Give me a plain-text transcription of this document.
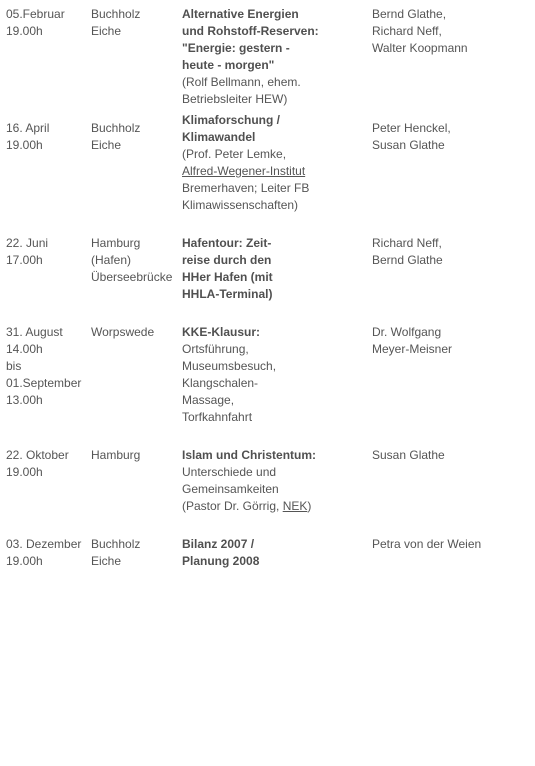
05.Februar
19.00h
Buchholz
Eiche
Alternative Energien
und Rohstoff-Reserven:
"Energie: gestern -
heute - morgen"
(Rolf Bellmann, ehem.
Betriebsleiter HEW)
Bernd Glathe,
Richard Neff,
Walter Koopmann
16. April
19.00h
Buchholz
Eiche
Klimaforschung /
Klimawandel
(Prof. Peter Lemke,
Alfred-Wegener-Institut
Bremerhaven; Leiter FB
Klimawissenschaften)
Peter Henckel,
Susan Glathe
22. Juni
17.00h
Hamburg
(Hafen)
Überseebrücke
Hafentour: Zeit-
reise durch den
HHer Hafen (mit
HHLA-Terminal)
Richard Neff,
Bernd Glathe
31. August
14.00h
bis
01.September
13.00h
Worpswede KKE-Klausur:
Ortsführung,
Museumsbesuch,
Klangschalen-
Massage,
Torfkahnfahrt
Dr. Wolfgang
Meyer-Meisner
22. Oktober
19.00h
Hamburg	Islam und Christentum:
Unterschiede und
Gemeinsamkeiten
(Pastor Dr. Görrig, NEK)
Susan Glathe
03. Dezember
19.00h
Buchholz
Eiche
Bilanz 2007 /
Planung 2008
Petra von der Weien
